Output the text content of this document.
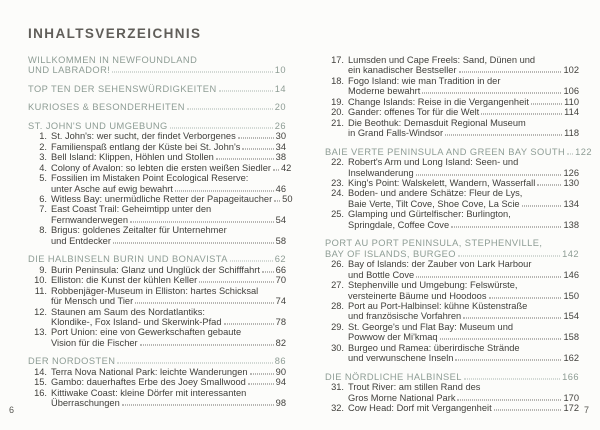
INHALTSVERZEICHNIS
WILLKOMMEN IN NEWFOUNDLAND
UND LABRADOR!	10
TOP TEN DER SEHENSWÜRDIGKEITEN	14
KURIOSES & BESONDERHEITEN	20
ST. JOHN'S UND UMGEBUNG	26
1. St. John's: wer sucht, der findet Verborgenes	30
2. Familienspaß entlang der Küste bei St. John's	34
3. Bell Island: Klippen, Höhlen und Stollen	38
4. Colony of Avalon: so lebten die ersten weißen Siedler 42
5. Fossilien im Mistaken Point Ecological Reserve:
unter Asche auf ewig bewahrt	46
6. Witless Bay: unermüdliche Retter der Papageitaucher 50
7. East Coast Trail: Geheimtipp unter den
Fernwanderwegen	54
8. Brigus: goldenes Zeitalter für Unternehmer
und Entdecker	58
DIE HALBINSELN BURIN UND BONAVISTA	62
9. Burin Peninsula: Glanz und Unglück der Schifffahrt 66
10. Elliston: die Kunst der kühlen Keller	70
11. Robbenjäger-Museum in Elliston: hartes Schicksal
für Mensch und Tier	74
12. Staunen am Saum des Nordatlantiks:
Klondike-, Fox Island- und Skerwink-Pfad	78
13. Port Union: eine von Gewerkschaften gebaute
Vision für die Fischer	82
DER NORDOSTEN	86
14. Terra Nova National Park: leichte Wanderungen	90
15. Gambo: dauerhaftes Erbe des Joey Smallwood	94
16. Kittiwake Coast: kleine Dörfer mit interessanten
Überraschungen	98
17. Lumsden und Cape Freels: Sand, Dünen und
ein kanadischer Bestseller	102
18. Fogo Island: wie man Tradition in der
Moderne bewahrt	106
19. Change Islands: Reise in die Vergangenheit	110
20. Gander: offenes Tor für die Welt	114
21. Die Beothuk: Demasduit Regional Museum
in Grand Falls-Windsor	118
BAIE VERTE PENINSULA AND GREEN BAY SOUTH 122
22. Robert's Arm und Long Island: Seen- und
Inselwanderung	126
23. King's Point: Walskelett, Wandern, Wasserfall	130
24. Boden- und andere Schätze: Fleur de Lys,
Baie Verte, Tilt Cove, Shoe Cove, La Scie	134
25. Glamping und Gürtelfischer: Burlington,
Springdale, Coffee Cove	138
PORT AU PORT PENINSULA, STEPHENVILLE,
BAY OF ISLANDS, BURGEO	142
26. Bay of Islands: der Zauber von Lark Harbour
und Bottle Cove	146
27. Stephenville und Umgebung: Felswürste,
versteinerte Bäume und Hoodoos	150
28. Port au Port-Halbinsel: kühne Küstenstraße
und französische Vorfahren	154
29. St. George's und Flat Bay: Museum und
Powwow der Mi'kmaq	158
30. Burgeo und Ramea: überirdische Strände
und verwunschene Inseln	162
DIE NÖRDLICHE HALBINSEL	166
31. Trout River: am stillen Rand des
Gros Morne National Park	170
32. Cow Head: Dorf mit Vergangenheit	172
6	7
